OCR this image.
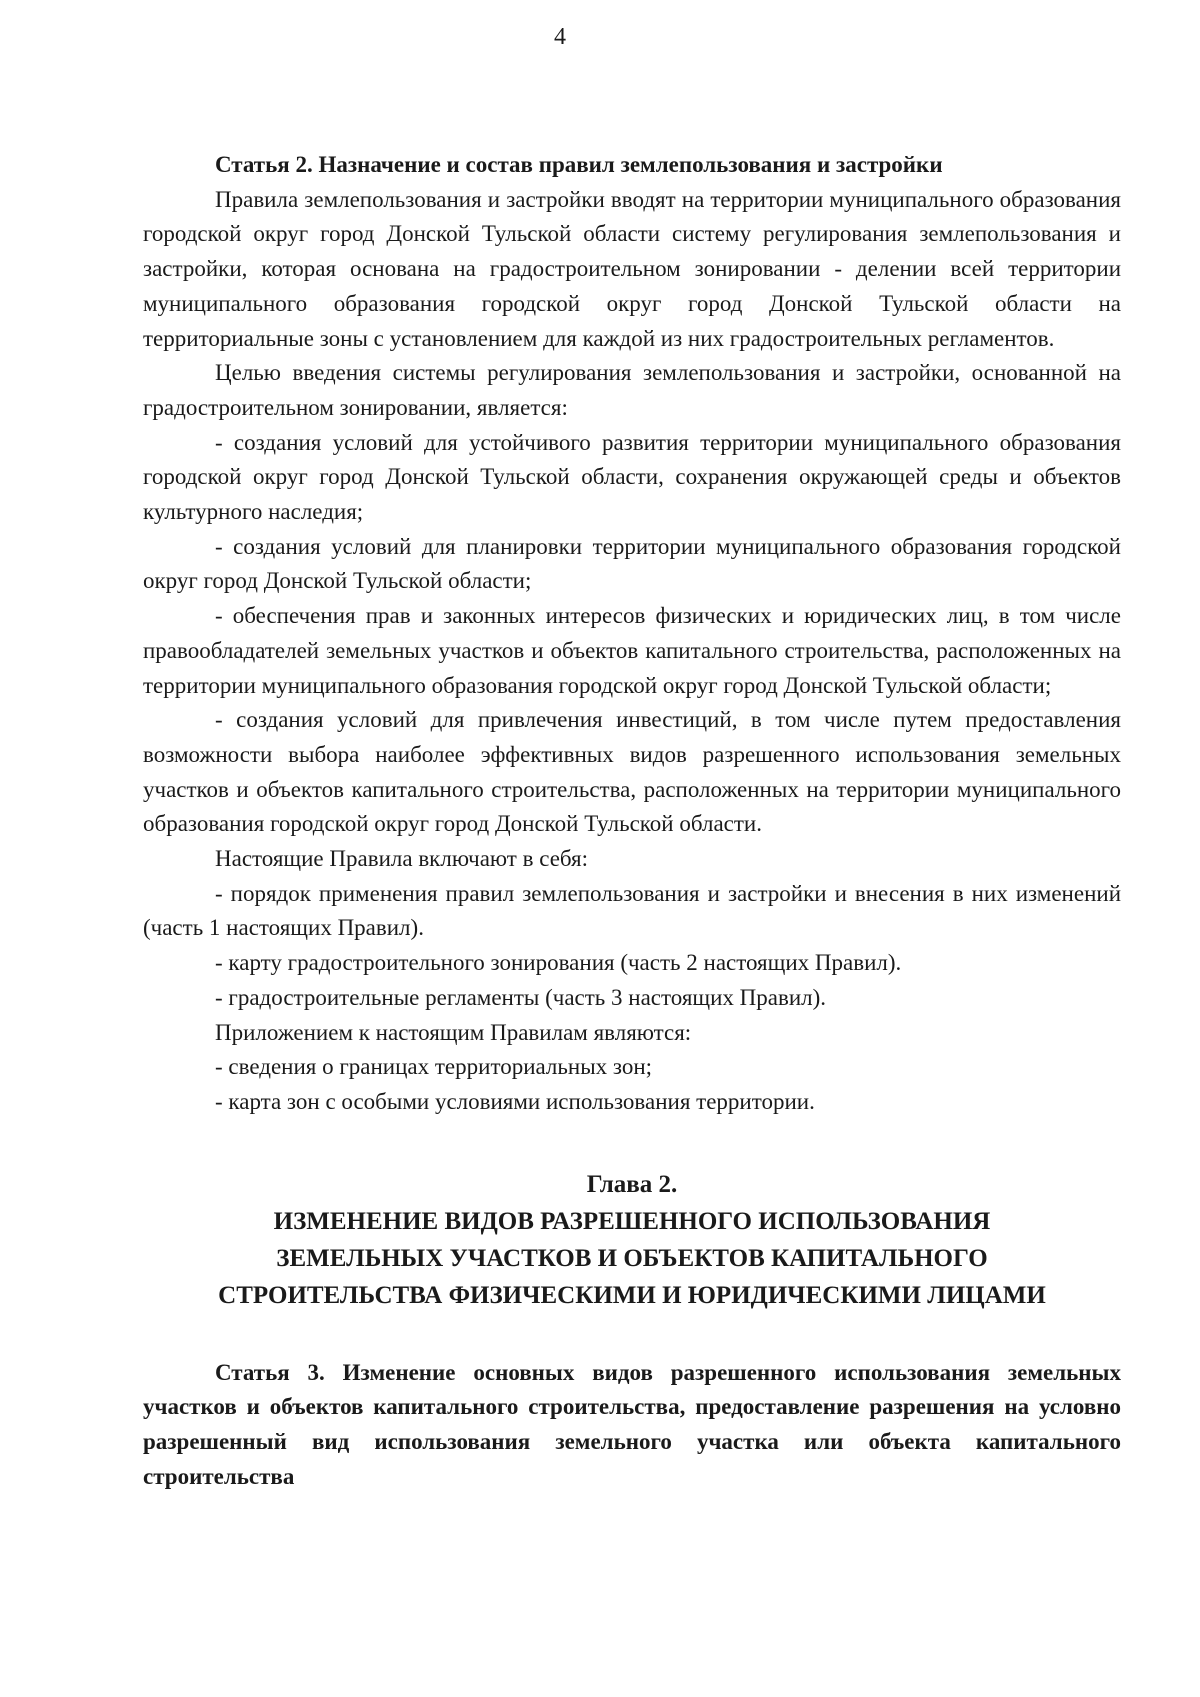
4

Статья 2. Назначение и состав правил землепользования и застройки

Правила землепользования и застройки вводят на территории муниципального образования городской округ город Донской Тульской области систему регулирования землепользования и застройки, которая основана на градостроительном зонировании - делении всей территории муниципального образования городской округ город Донской Тульской области на территориальные зоны с установлением для каждой из них градостроительных регламентов.

Целью введения системы регулирования землепользования и застройки, основанной на градостроительном зонировании, является:

- создания условий для устойчивого развития территории муниципального образования городской округ город Донской Тульской области, сохранения окружающей среды и объектов культурного наследия;

- создания условий для планировки территории муниципального образования городской округ город Донской Тульской области;

- обеспечения прав и законных интересов физических и юридических лиц, в том числе правообладателей земельных участков и объектов капитального строительства, расположенных на территории муниципального образования городской округ город Донской Тульской области;

- создания условий для привлечения инвестиций, в том числе путем предоставления возможности выбора наиболее эффективных видов разрешенного использования земельных участков и объектов капитального строительства, расположенных на территории муниципального образования городской округ город Донской Тульской области.

Настоящие Правила включают в себя:

- порядок применения правил землепользования и застройки и внесения в них изменений (часть 1 настоящих Правил).

- карту градостроительного зонирования (часть 2 настоящих Правил).

- градостроительные регламенты (часть 3 настоящих Правил).

Приложением к настоящим Правилам являются:

- сведения о границах территориальных зон;

- карта зон с особыми условиями использования территории.

Глава 2.
ИЗМЕНЕНИЕ ВИДОВ РАЗРЕШЕННОГО ИСПОЛЬЗОВАНИЯ
ЗЕМЕЛЬНЫХ УЧАСТКОВ И ОБЪЕКТОВ КАПИТАЛЬНОГО
СТРОИТЕЛЬСТВА ФИЗИЧЕСКИМИ И ЮРИДИЧЕСКИМИ ЛИЦАМИ

Статья 3. Изменение основных видов разрешенного использования земельных участков и объектов капитального строительства, предоставление разрешения на условно разрешенный вид использования земельного участка или объекта капитального строительства
